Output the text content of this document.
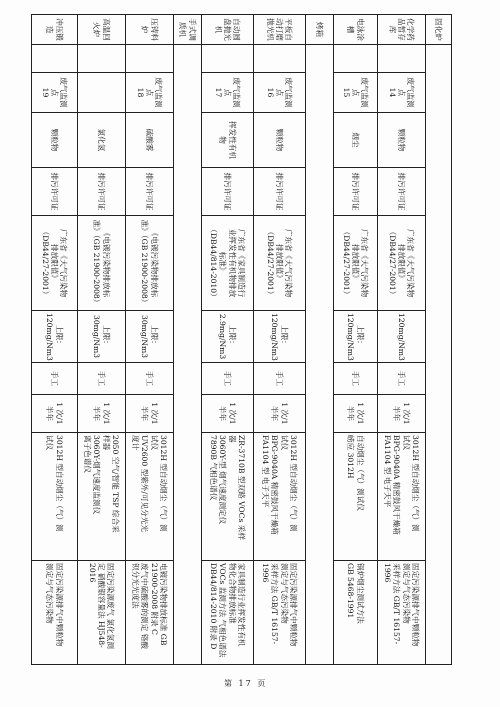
固化炉										
化学药
品暂存
库		废气监测点
14	颗粒物	排污许可证	广东省《大气污染物
排放限值》
（DB44/27-2001）	120mg/Nm3	手工	1 次/1
半年	3012H 型自动烟尘（气）测
试仪
BPG-9040A 精密鼓风干燥箱
FA1104 型 电子天平	固定污染源排气中颗粒物
测定与气态污染物
采样方法 GB/T 16157-1996
电泳涂
槽		废气监测点
15	烟尘	排污许可证	广东省《大气污染物
排放限值》
（DB44/27-2001）	上限：
120mg/Nm3	手工	1 次/1
半年	自动烟尘（气）测试仪
崂应 3012H	锅炉烟尘测试方法
GB 5468-1991
烤箱										
平板自
动打磨
抛光机		废气监测点
16	颗粒物	排污许可证	广东省《大气污染物
排放限值》
（DB44/27-2001）	上限：
120mg/Nm3	手工	1 次/1
半年	3012H 型自动烟尘（气）测
试仪
BPG-9040A 精密鼓风干燥箱
FA1104 型 电子天平	固定污染源排气中颗粒物
测定与气态污染物
采样方法 GB/T 16157-1996
自动圆
盘抛光
机		废气监测点
17	挥发性有机
物	排污许可证	广东省《家具制造行
业挥发性有机物排放
标准》
（DB44/814-2010）	上限：
2.9mg/Nm3	手工	1 次/1
半年	ZR-3710B 型双路 VOCs 采样
器
3060Y-型 烟气速度测定仪
7890B 气相色谱仪	家具制造行业挥发性有机
物化合物排放标准
VOCs 监测方法 气相色谱法
DB44/814-2010 附录 D
手式调
质机										
压铸料
炉		废气监测点
18	硫酸雾	排污许可证	《电镀污染物排放标
准》（GB 21900-2008）	上限：
30mg/Nm3	手工	1 次/1
半年	3012H 型自动烟尘（气）测
试仪
UV2600 型紫外/可见分光光
度计	电镀污染物排放标准 GB
21900-2008 附录 C
废气中硫酸雾的测定 铬酸
钡分光光度法
高温回
火炉			氯化氢	排污许可证	《电镀污染物排放标
准》（GB 21900-2008）	上限：
30mg/Nm3	手工	1 次/1
半年	2050 空气/智能 TSP 综合采
样器
3060Y-烟气速度监测仪
离子色谱仪	固定污染源废气 氯化氢测
定 硝酸银容量法 HJ548-2016
冲压锻
造		废气监测点
19	颗粒物	排污许可证	广东省《大气污染物
排放限值》
（DB44/27-2001）	上限：
120mg/Nm3	手工	1 次/1
半年	3012H 型自动烟尘（气）测
试仪	固定污染源排气中颗粒物
测定与气态污染物
第 17 页
